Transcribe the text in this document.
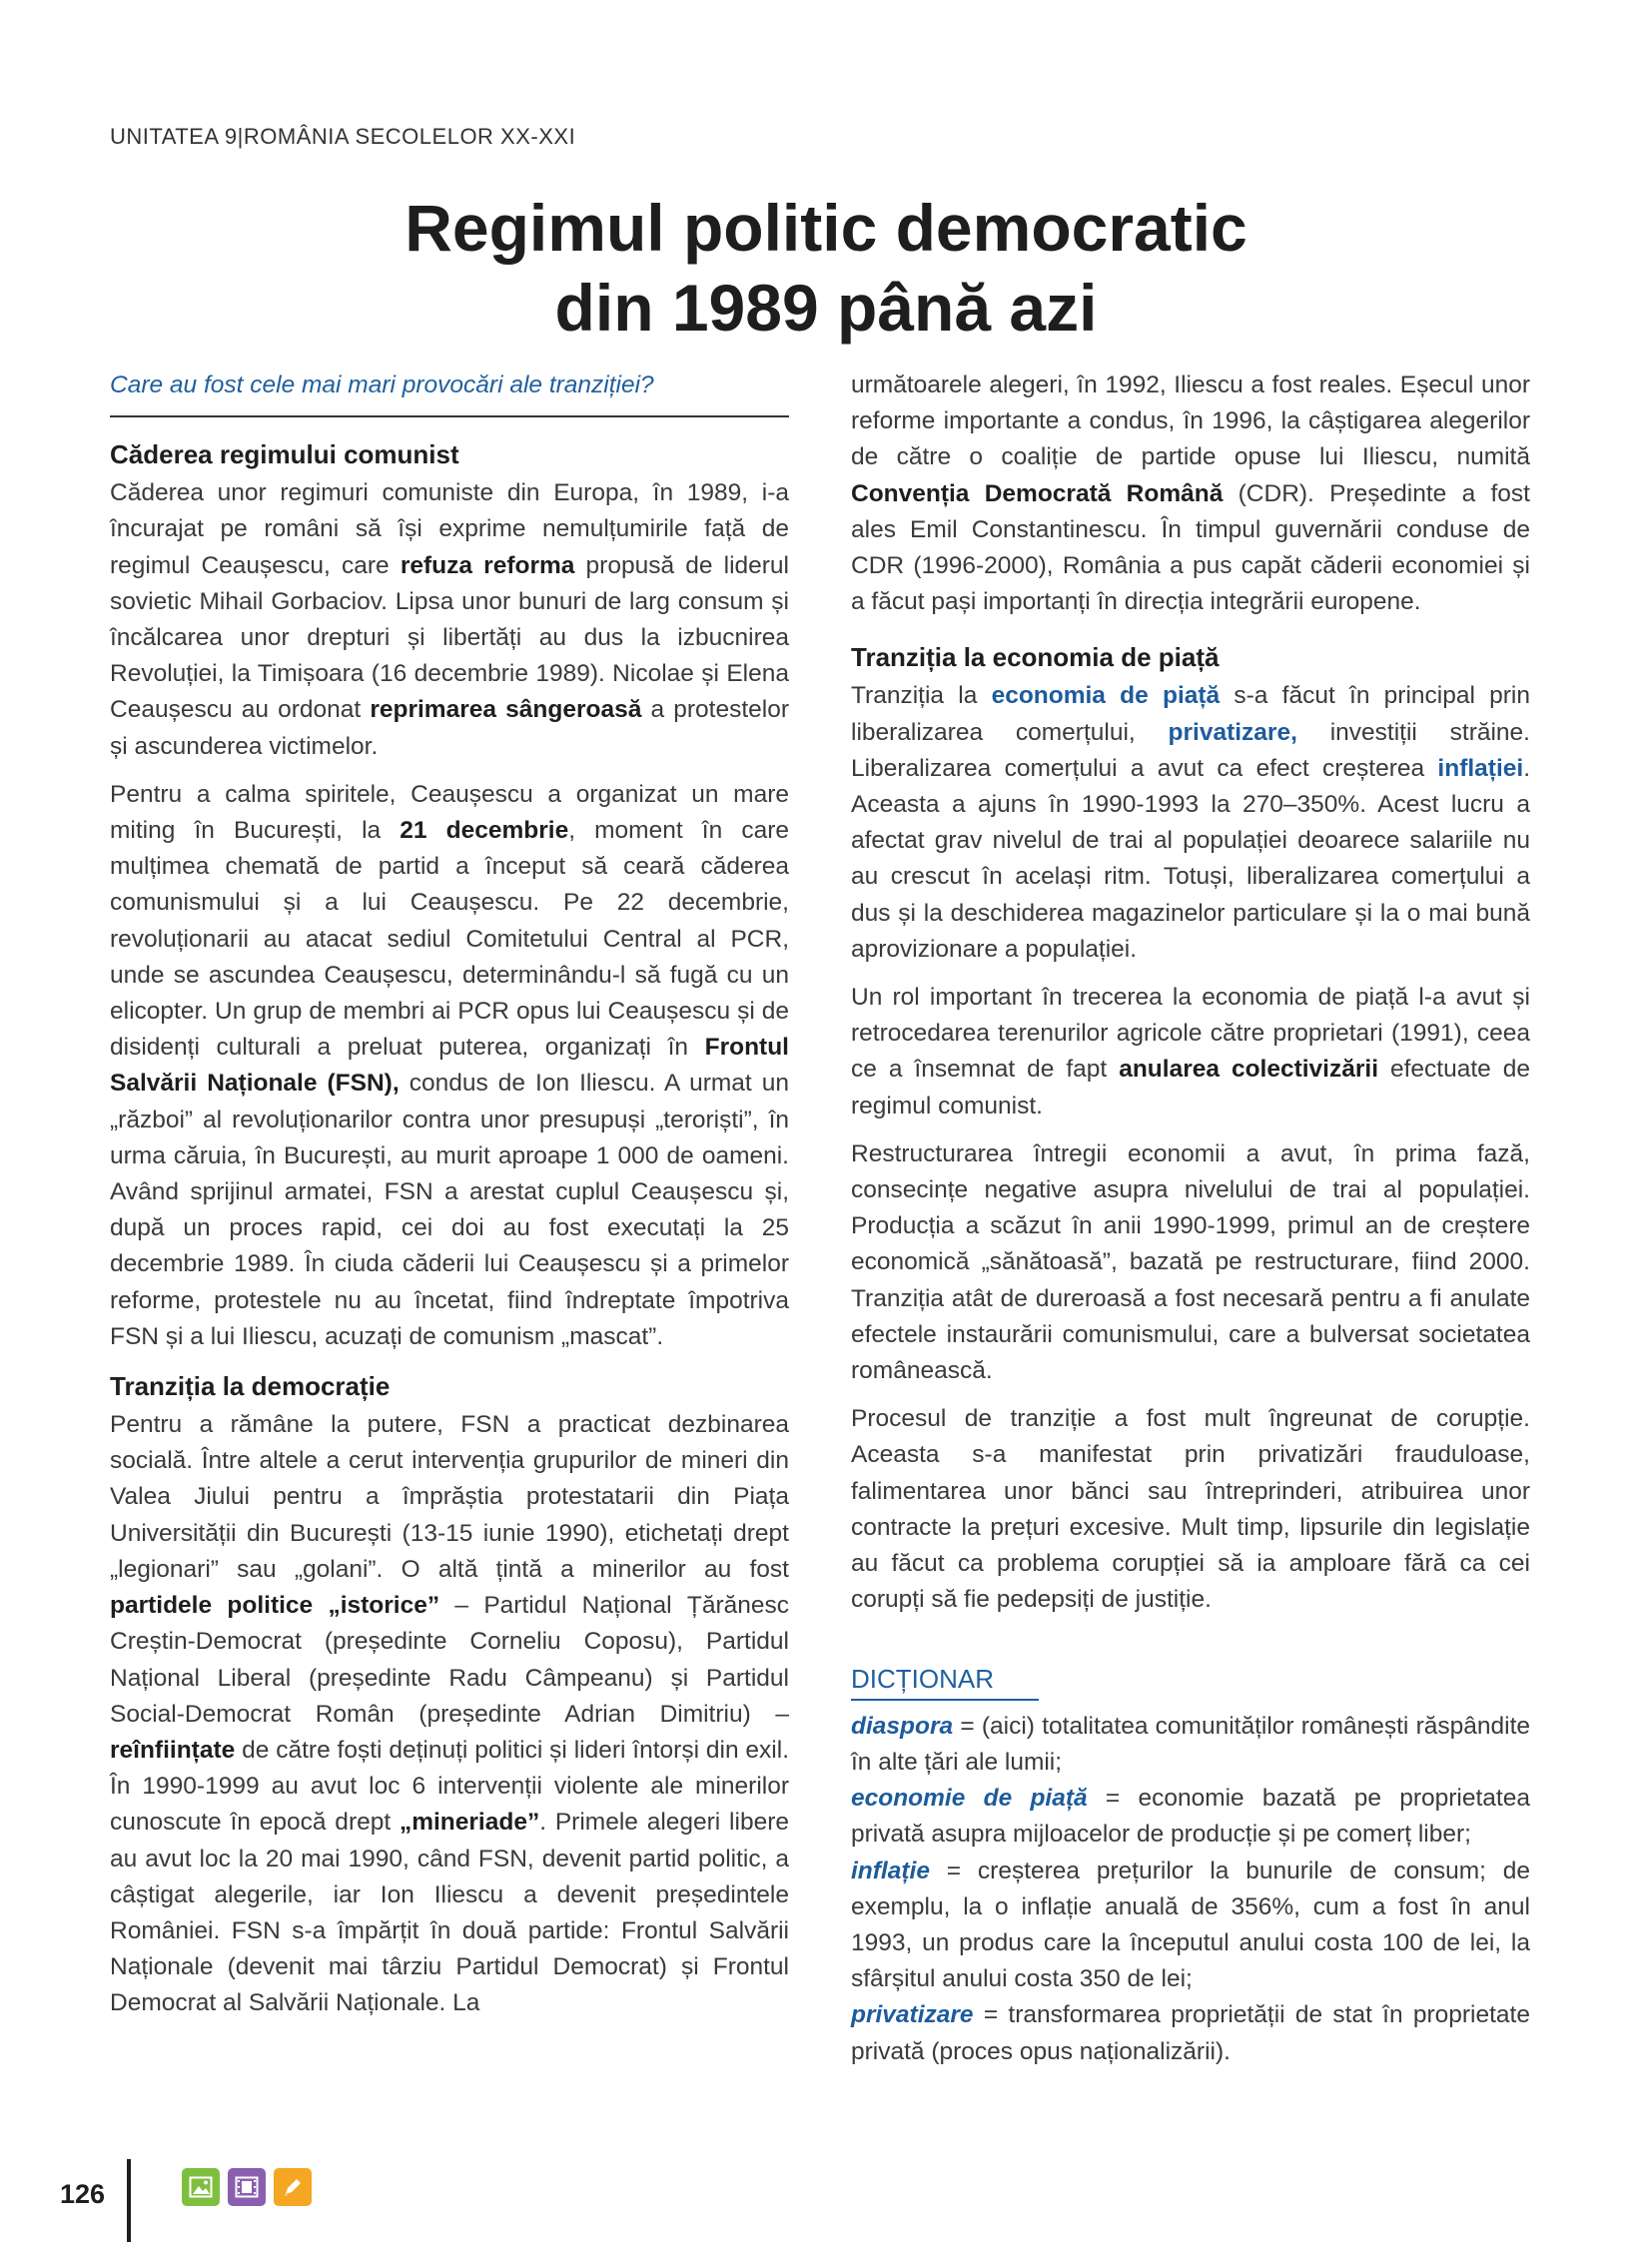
UNITATEA 9|ROMÂNIA SECOLELOR XX-XXI
Regimul politic democratic
din 1989 până azi

Care au fost cele mai mari provocări ale tranziției?

Căderea regimului comunist

Căderea unor regimuri comuniste din Europa, în 1989, i-a încurajat pe români să își exprime nemulțumirile față de regimul Ceaușescu, care refuza reforma propusă de liderul sovietic Mihail Gorbaciov. Lipsa unor bunuri de larg consum și încălcarea unor drepturi și libertăți au dus la izbucnirea Revoluției, la Timișoara (16 decembrie 1989). Nicolae și Elena Ceaușescu au ordonat reprimarea sângeroasă a protestelor și ascunderea victimelor.

Pentru a calma spiritele, Ceaușescu a organizat un mare miting în București, la 21 decembrie, moment în care mulțimea chemată de partid a început să ceară căderea comunismului și a lui Ceaușescu. Pe 22 decembrie, revoluționarii au atacat sediul Comitetului Central al PCR, unde se ascundea Ceaușescu, determinându-l să fugă cu un elicopter. Un grup de membri ai PCR opus lui Ceaușescu și de disidenți culturali a preluat puterea, organizați în Frontul Salvării Naționale (FSN), condus de Ion Iliescu. A urmat un „război” al revoluționarilor contra unor presupuși „teroriști”, în urma căruia, în București, au murit aproape 1 000 de oameni. Având sprijinul armatei, FSN a arestat cuplul Ceaușescu și, după un proces rapid, cei doi au fost executați la 25 decembrie 1989. În ciuda căderii lui Ceaușescu și a primelor reforme, protestele nu au încetat, fiind îndreptate împotriva FSN și a lui Iliescu, acuzați de comunism „mascat”.

Tranziția la democrație

Pentru a rămâne la putere, FSN a practicat dezbinarea socială. Între altele a cerut intervenția grupurilor de mineri din Valea Jiului pentru a împrăștia protestatarii din Piața Universității din București (13-15 iunie 1990), etichetați drept „legionari” sau „golani”. O altă țintă a minerilor au fost partidele politice „istorice” – Partidul Național Țărănesc Creștin-Democrat (președinte Corneliu Coposu), Partidul Național Liberal (președinte Radu Câmpeanu) și Partidul Social-Democrat Român (președinte Adrian Dimitriu) – reînființate de către foști deținuți politici și lideri întorși din exil. În 1990-1999 au avut loc 6 intervenții violente ale minerilor cunoscute în epocă drept „mineriade”. Primele alegeri libere au avut loc la 20 mai 1990, când FSN, devenit partid politic, a câștigat alegerile, iar Ion Iliescu a devenit președintele României. FSN s-a împărțit în două partide: Frontul Salvării Naționale (devenit mai târziu Partidul Democrat) și Frontul Democrat al Salvării Naționale. La

următoarele alegeri, în 1992, Iliescu a fost reales. Eșecul unor reforme importante a condus, în 1996, la câștigarea alegerilor de către o coaliție de partide opuse lui Iliescu, numită Convenția Democrată Română (CDR). Președinte a fost ales Emil Constantinescu. În timpul guvernării conduse de CDR (1996-2000), România a pus capăt căderii economiei și a făcut pași importanți în direcția integrării europene.

Tranziția la economia de piață

Tranziția la economia de piață s-a făcut în principal prin liberalizarea comerțului, privatizare, investiții străine. Liberalizarea comerțului a avut ca efect creșterea inflației. Aceasta a ajuns în 1990-1993 la 270–350%. Acest lucru a afectat grav nivelul de trai al populației deoarece salariile nu au crescut în același ritm. Totuși, liberalizarea comerțului a dus și la deschiderea magazinelor particulare și la o mai bună aprovizionare a populației.

Un rol important în trecerea la economia de piață l-a avut și retrocedarea terenurilor agricole către proprietari (1991), ceea ce a însemnat de fapt anularea colectivizării efectuate de regimul comunist.

Restructurarea întregii economii a avut, în prima fază, consecințe negative asupra nivelului de trai al populației. Producția a scăzut în anii 1990-1999, primul an de creștere economică „sănătoasă”, bazată pe restructurare, fiind 2000. Tranziția atât de dureroasă a fost necesară pentru a fi anulate efectele instaurării comunismului, care a bulversat societatea românească.

Procesul de tranziție a fost mult îngreunat de corupție. Aceasta s-a manifestat prin privatizări frauduloase, falimentarea unor bănci sau întreprinderi, atribuirea unor contracte la prețuri excesive. Mult timp, lipsurile din legislație au făcut ca problema corupției să ia amploare fără ca cei corupți să fie pedepsiți de justiție.

DICȚIONAR

diaspora = (aici) totalitatea comunităților românești răspândite în alte țări ale lumii;

economie de piață = economie bazată pe proprietatea privată asupra mijloacelor de producție și pe comerț liber;

inflație = creșterea prețurilor la bunurile de consum; de exemplu, la o inflație anuală de 356%, cum a fost în anul 1993, un produs care la începutul anului costa 100 de lei, la sfârșitul anului costa 350 de lei;

privatizare = transformarea proprietății de stat în proprietate privată (proces opus naționalizării).

126
